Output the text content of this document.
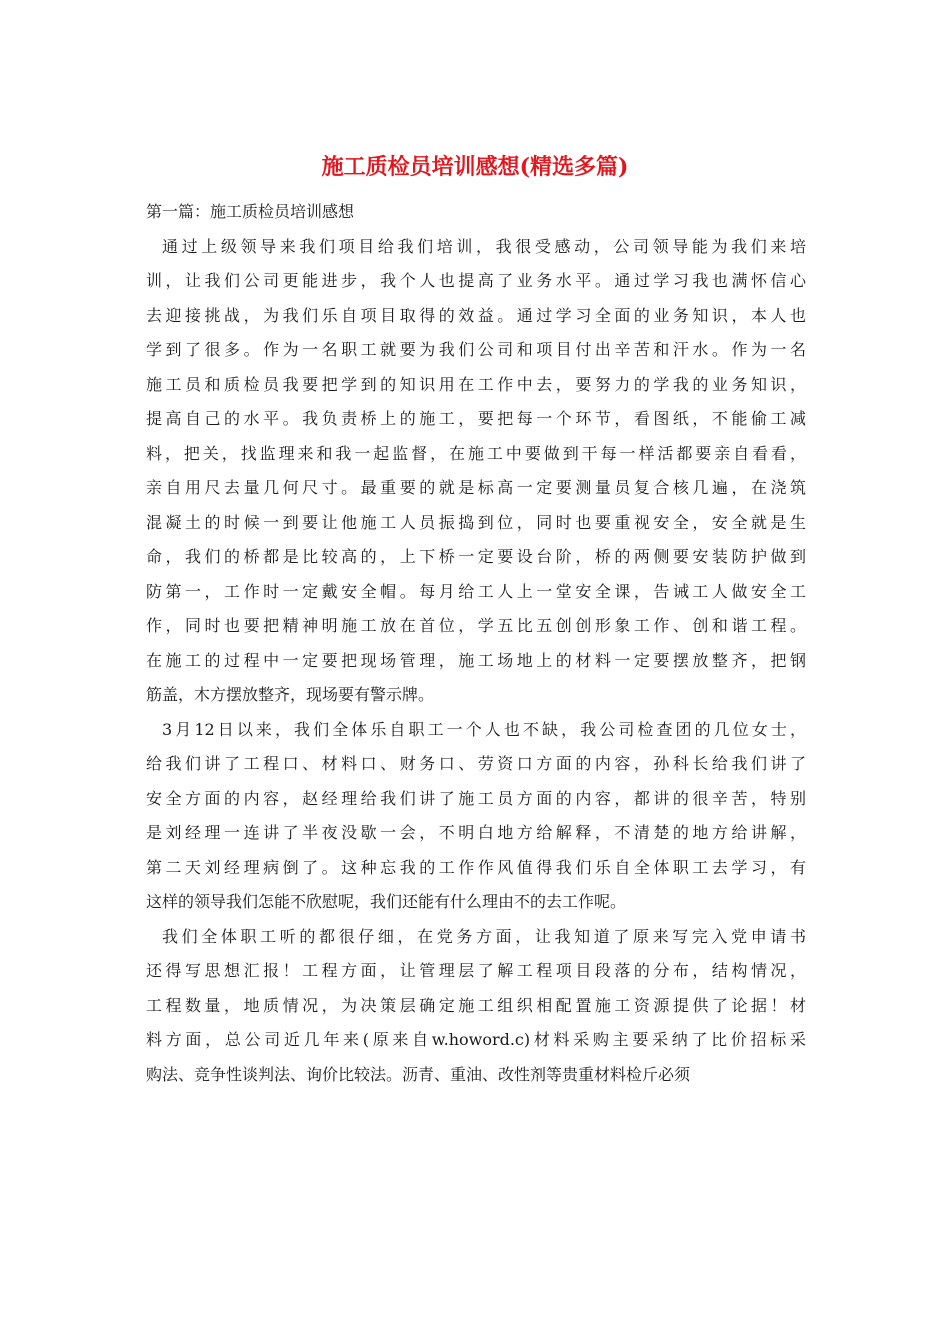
施工质检员培训感想(精选多篇)
第一篇：施工质检员培训感想
通过上级领导来我们项目给我们培训，我很受感动，公司领导能为我们来培
训，让我们公司更能进步，我个人也提高了业务水平。通过学习我也满怀信心
去迎接挑战，为我们乐自项目取得的效益。通过学习全面的业务知识，本人也
学到了很多。作为一名职工就要为我们公司和项目付出辛苦和汗水。作为一名
施工员和质检员我要把学到的知识用在工作中去，要努力的学我的业务知识，
提高自己的水平。我负责桥上的施工，要把每一个环节，看图纸，不能偷工减
料，把关，找监理来和我一起监督，在施工中要做到干每一样活都要亲自看看，
亲自用尺去量几何尺寸。最重要的就是标高一定要测量员复合核几遍，在浇筑
混凝土的时候一到要让他施工人员振捣到位，同时也要重视安全，安全就是生
命，我们的桥都是比较高的，上下桥一定要设台阶，桥的两侧要安装防护做到
防第一，工作时一定戴安全帽。每月给工人上一堂安全课，告诫工人做安全工
作，同时也要把精神明施工放在首位，学五比五创创形象工作、创和谐工程。
在施工的过程中一定要把现场管理，施工场地上的材料一定要摆放整齐，把钢
筋盖，木方摆放整齐，现场要有警示牌。
3月12日以来，我们全体乐自职工一个人也不缺，我公司检查团的几位女士，
给我们讲了工程口、材料口、财务口、劳资口方面的内容，孙科长给我们讲了
安全方面的内容，赵经理给我们讲了施工员方面的内容，都讲的很辛苦，特别
是刘经理一连讲了半夜没歇一会，不明白地方给解释，不清楚的地方给讲解，
第二天刘经理病倒了。这种忘我的工作作风值得我们乐自全体职工去学习，有
这样的领导我们怎能不欣慰呢，我们还能有什么理由不的去工作呢。
我们全体职工听的都很仔细，在党务方面，让我知道了原来写完入党申请书
还得写思想汇报！工程方面，让管理层了解工程项目段落的分布，结构情况，
工程数量，地质情况，为决策层确定施工组织相配置施工资源提供了论据！材
料方面，总公司近几年来(原来自w.howord.c)材料采购主要采纳了比价招标采
购法、竞争性谈判法、询价比较法。沥青、重油、改性剂等贵重材料检斤必须
